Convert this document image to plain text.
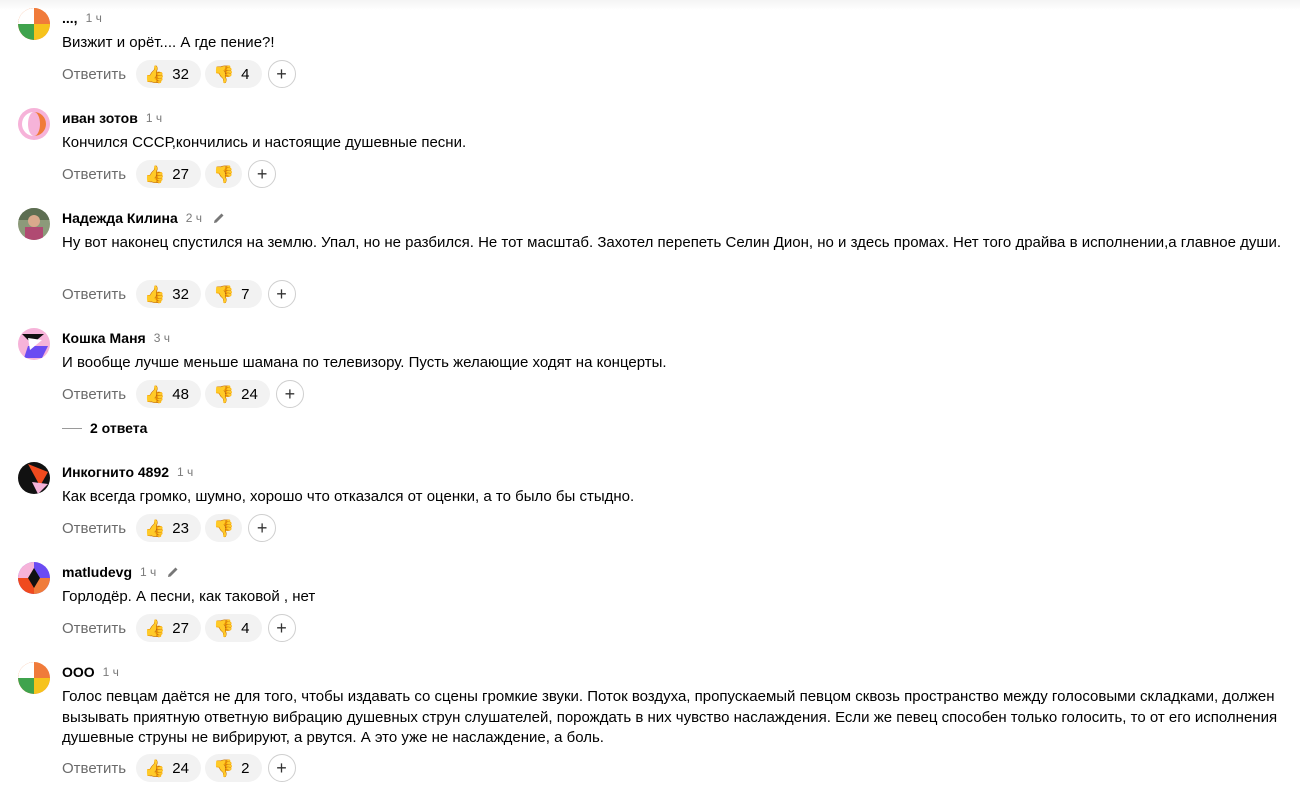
..., 1 ч
Визжит и орёт.... А где пение?!
Ответить 👍 32 👎 4 +
иван зотов 1 ч
Кончился СССР,кончились и настоящие душевные песни.
Ответить 👍 27 👎 +
Надежда Килина 2 ч
Ну вот наконец спустился на землю. Упал, но не разбился. Не тот масштаб. Захотел перепеть Селин Дион, но и здесь промах. Нет того драйва в исполнении,а главное души.
Ответить 👍 32 👎 7 +
Кошка Маня 3 ч
И вообще лучше меньше шамана по телевизору. Пусть желающие ходят на концерты.
Ответить 👍 48 👎 24 +
2 ответа
Инкогнито 4892 1 ч
Как всегда громко, шумно, хорошо что отказался от оценки, а то было бы стыдно.
Ответить 👍 23 👎 +
matludevg 1 ч
Горлодёр. А песни, как таковой , нет
Ответить 👍 27 👎 4 +
ООО 1 ч
Голос певцам даётся не для того, чтобы издавать со сцены громкие звуки. Поток воздуха, пропускаемый певцом сквозь пространство между голосовыми складками, должен вызывать приятную ответную вибрацию душевных струн слушателей, порождать в них чувство наслаждения. Если же певец способен только голосить, то от его исполнения душевные струны не вибрируют, а рвутся. А это уже не наслаждение, а боль.
Ответить 👍 24 👎 2 +
